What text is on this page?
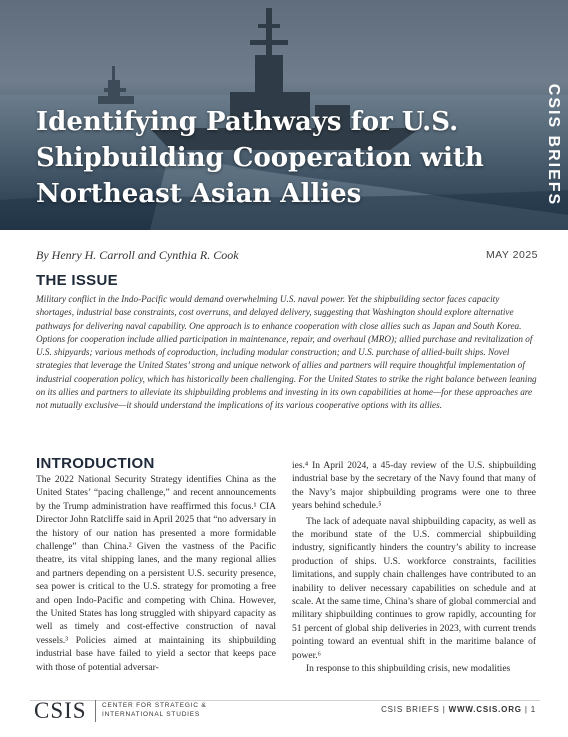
Identifying Pathways for U.S. Shipbuilding Cooperation with Northeast Asian Allies	CSIS BRIEFS
By Henry H. Carroll and Cynthia R. Cook	MAY 2025
THE ISSUE

Military conflict in the Indo-Pacific would demand overwhelming U.S. naval power. Yet the shipbuilding sector faces capacity shortages, industrial base constraints, cost overruns, and delayed delivery, suggesting that Washington should explore alternative pathways for delivering naval capability. One approach is to enhance cooperation with close allies such as Japan and South Korea. Options for cooperation include allied participation in maintenance, repair, and overhaul (MRO); allied purchase and revitalization of U.S. shipyards; various methods of coproduction, including modular construction; and U.S. purchase of allied-built ships. Novel strategies that leverage the United States’ strong and unique network of allies and partners will require thoughtful implementation of industrial cooperation policy, which has historically been challenging. For the United States to strike the right balance between leaning on its allies and partners to alleviate its shipbuilding problems and investing in its own capabilities at home—for these approaches are not mutually exclusive—it should understand the implications of its various cooperative options with its allies.

INTRODUCTION

The 2022 National Security Strategy identifies China as the United States’ “pacing challenge,” and recent announcements by the Trump administration have reaffirmed this focus.¹ CIA Director John Ratcliffe said in April 2025 that “no adversary in the history of our nation has presented a more formidable challenge” than China.² Given the vastness of the Pacific theatre, its vital shipping lanes, and the many regional allies and partners depending on a persistent U.S. security presence, sea power is critical to the U.S. strategy for promoting a free and open Indo-Pacific and competing with China. However, the United States has long struggled with shipyard capacity as well as timely and cost-effective construction of naval vessels.³ Policies aimed at maintaining its shipbuilding industrial base have failed to yield a sector that keeps pace with those of potential adversar-

ies.⁴ In April 2024, a 45-day review of the U.S. shipbuilding industrial base by the secretary of the Navy found that many of the Navy’s major shipbuilding programs were one to three years behind schedule.⁵

The lack of adequate naval shipbuilding capacity, as well as the moribund state of the U.S. commercial shipbuilding industry, significantly hinders the country’s ability to increase production of ships. U.S. workforce constraints, facilities limitations, and supply chain challenges have contributed to an inability to deliver necessary capabilities on schedule and at scale. At the same time, China’s share of global commercial and military shipbuilding continues to grow rapidly, accounting for 51 percent of global ship deliveries in 2023, with current trends pointing toward an eventual shift in the maritime balance of power.⁶

In response to this shipbuilding crisis, new modalities

CSIS CENTER FOR STRATEGIC &
INTERNATIONAL STUDIES
CSIS BRIEFS | WWW.CSIS.ORG | 1
